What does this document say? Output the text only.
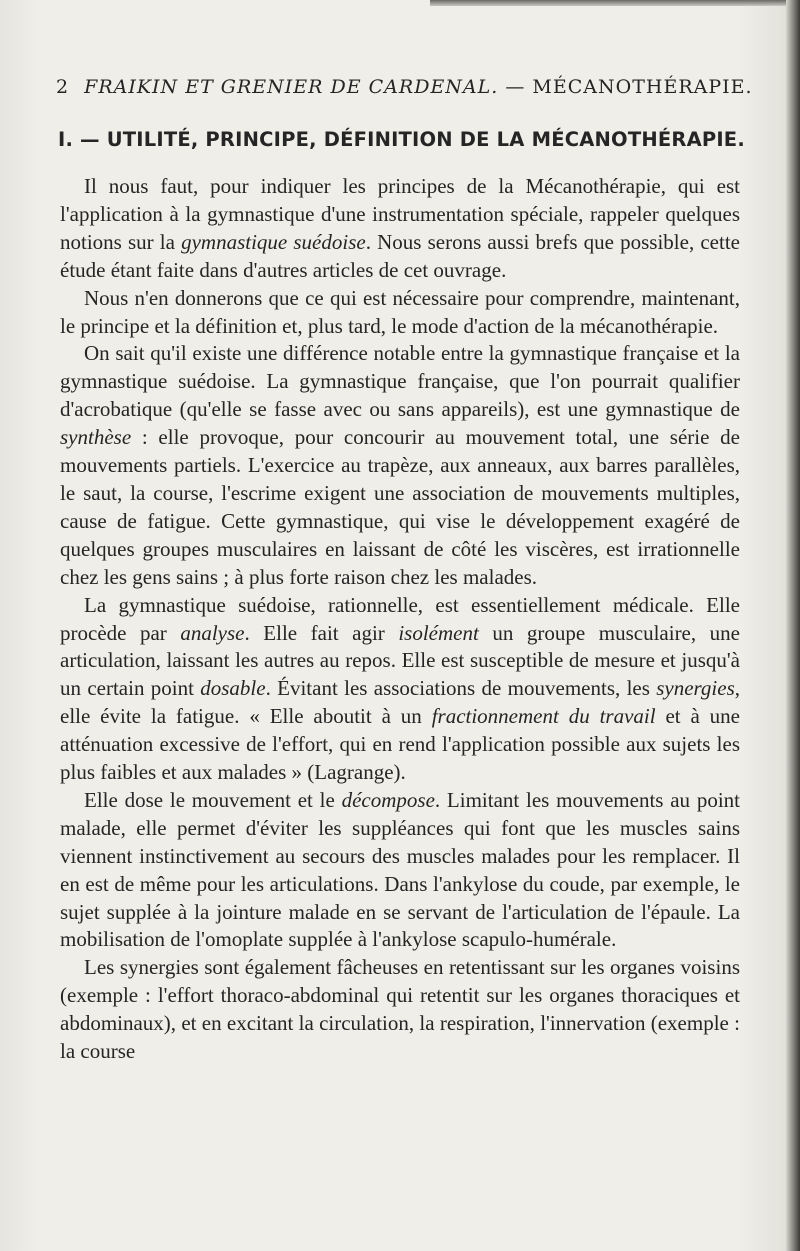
2 FRAIKIN ET GRENIER DE CARDENAL. — MÉCANOTHÉRAPIE.
I. — UTILITÉ, PRINCIPE, DÉFINITION DE LA MÉCANOTHÉRAPIE.

Il nous faut, pour indiquer les principes de la Mécanothérapie, qui est l'application à la gymnastique d'une instrumentation spéciale, rappeler quelques notions sur la gymnastique suédoise. Nous serons aussi brefs que possible, cette étude étant faite dans d'autres articles de cet ouvrage.

Nous n'en donnerons que ce qui est nécessaire pour comprendre, maintenant, le principe et la définition et, plus tard, le mode d'action de la mécanothérapie.

On sait qu'il existe une différence notable entre la gymnastique française et la gymnastique suédoise. La gymnastique française, que l'on pourrait qualifier d'acrobatique (qu'elle se fasse avec ou sans appareils), est une gymnastique de synthèse : elle provoque, pour concourir au mouvement total, une série de mouvements partiels. L'exercice au trapèze, aux anneaux, aux barres parallèles, le saut, la course, l'escrime exigent une association de mouvements multiples, cause de fatigue. Cette gymnastique, qui vise le développement exagéré de quelques groupes musculaires en laissant de côté les viscères, est irrationnelle chez les gens sains ; à plus forte raison chez les malades.

La gymnastique suédoise, rationnelle, est essentiellement médicale. Elle procède par analyse. Elle fait agir isolément un groupe musculaire, une articulation, laissant les autres au repos. Elle est susceptible de mesure et jusqu'à un certain point dosable. Évitant les associations de mouvements, les synergies, elle évite la fatigue. « Elle aboutit à un fractionnement du travail et à une atténuation excessive de l'effort, qui en rend l'application possible aux sujets les plus faibles et aux malades » (Lagrange).

Elle dose le mouvement et le décompose. Limitant les mouvements au point malade, elle permet d'éviter les suppléances qui font que les muscles sains viennent instinctivement au secours des muscles malades pour les remplacer. Il en est de même pour les articulations. Dans l'ankylose du coude, par exemple, le sujet supplée à la jointure malade en se servant de l'articulation de l'épaule. La mobilisation de l'omoplate supplée à l'ankylose scapulo-humérale.

Les synergies sont également fâcheuses en retentissant sur les organes voisins (exemple : l'effort thoraco-abdominal qui retentit sur les organes thoraciques et abdominaux), et en excitant la circulation, la respiration, l'innervation (exemple : la course
